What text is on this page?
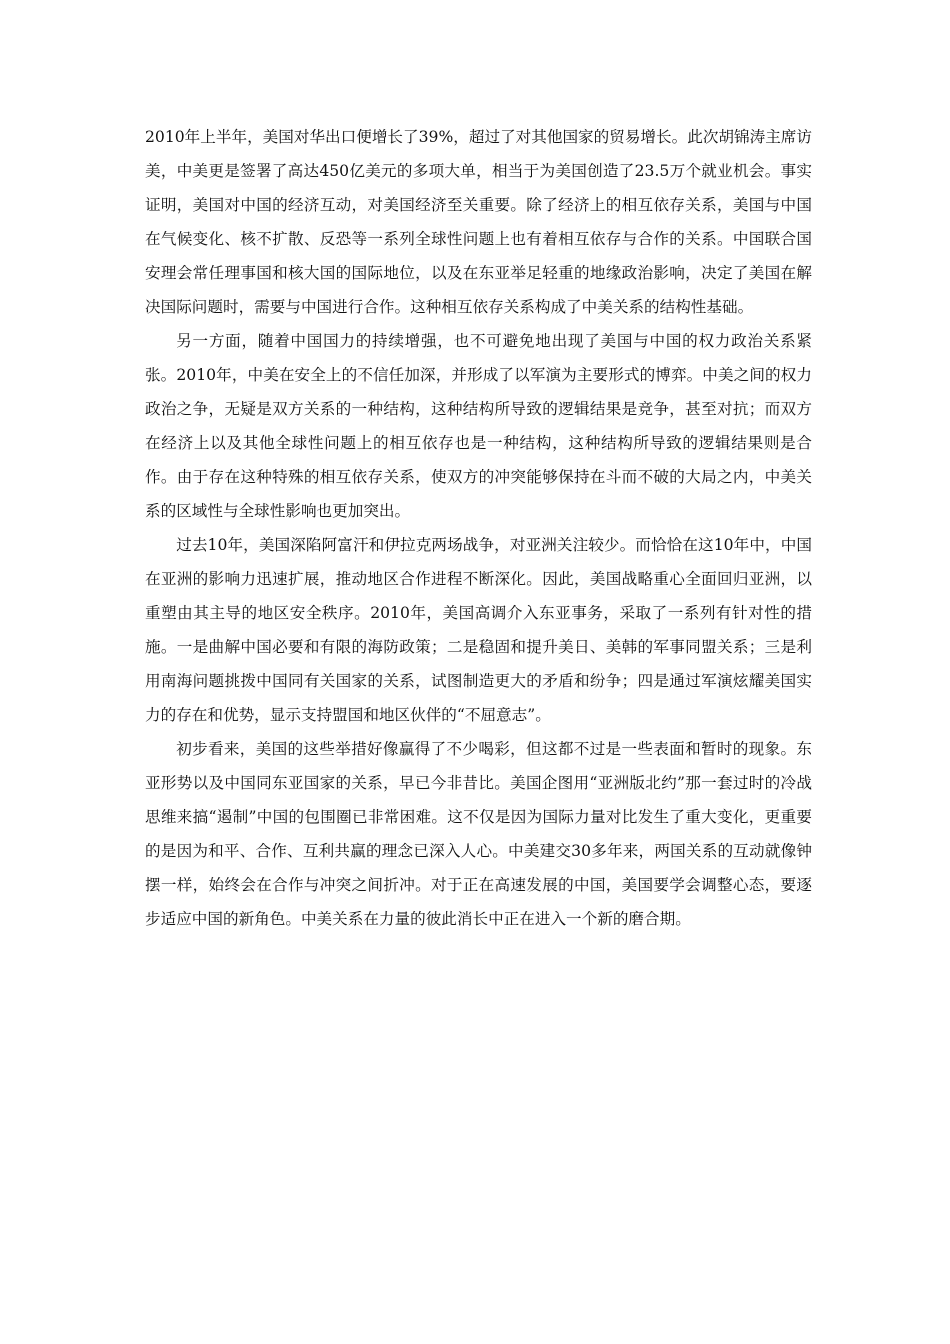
2010年上半年，美国对华出口便增长了39%，超过了对其他国家的贸易增长。此次胡锦涛主席访美，中美更是签署了高达450亿美元的多项大单，相当于为美国创造了23.5万个就业机会。事实证明，美国对中国的经济互动，对美国经济至关重要。除了经济上的相互依存关系，美国与中国在气候变化、核不扩散、反恐等一系列全球性问题上也有着相互依存与合作的关系。中国联合国安理会常任理事国和核大国的国际地位，以及在东亚举足轻重的地缘政治影响，决定了美国在解决国际问题时，需要与中国进行合作。这种相互依存关系构成了中美关系的结构性基础。

另一方面，随着中国国力的持续增强，也不可避免地出现了美国与中国的权力政治关系紧张。2010年，中美在安全上的不信任加深，并形成了以军演为主要形式的博弈。中美之间的权力政治之争，无疑是双方关系的一种结构，这种结构所导致的逻辑结果是竞争，甚至对抗；而双方在经济上以及其他全球性问题上的相互依存也是一种结构，这种结构所导致的逻辑结果则是合作。由于存在这种特殊的相互依存关系，使双方的冲突能够保持在斗而不破的大局之内，中美关系的区域性与全球性影响也更加突出。

过去10年，美国深陷阿富汗和伊拉克两场战争，对亚洲关注较少。而恰恰在这10年中，中国在亚洲的影响力迅速扩展，推动地区合作进程不断深化。因此，美国战略重心全面回归亚洲，以重塑由其主导的地区安全秩序。2010年，美国高调介入东亚事务，采取了一系列有针对性的措施。一是曲解中国必要和有限的海防政策；二是稳固和提升美日、美韩的军事同盟关系；三是利用南海问题挑拨中国同有关国家的关系，试图制造更大的矛盾和纷争；四是通过军演炫耀美国实力的存在和优势，显示支持盟国和地区伙伴的“不屈意志”。

初步看来，美国的这些举措好像赢得了不少喝彩，但这都不过是一些表面和暂时的现象。东亚形势以及中国同东亚国家的关系，早已今非昔比。美国企图用“亚洲版北约”那一套过时的冷战思维来搞“遏制”中国的包围圈已非常困难。这不仅是因为国际力量对比发生了重大变化，更重要的是因为和平、合作、互利共赢的理念已深入人心。中美建交30多年来，两国关系的互动就像钟摆一样，始终会在合作与冲突之间折冲。对于正在高速发展的中国，美国要学会调整心态，要逐步适应中国的新角色。中美关系在力量的彼此消长中正在进入一个新的磨合期。
